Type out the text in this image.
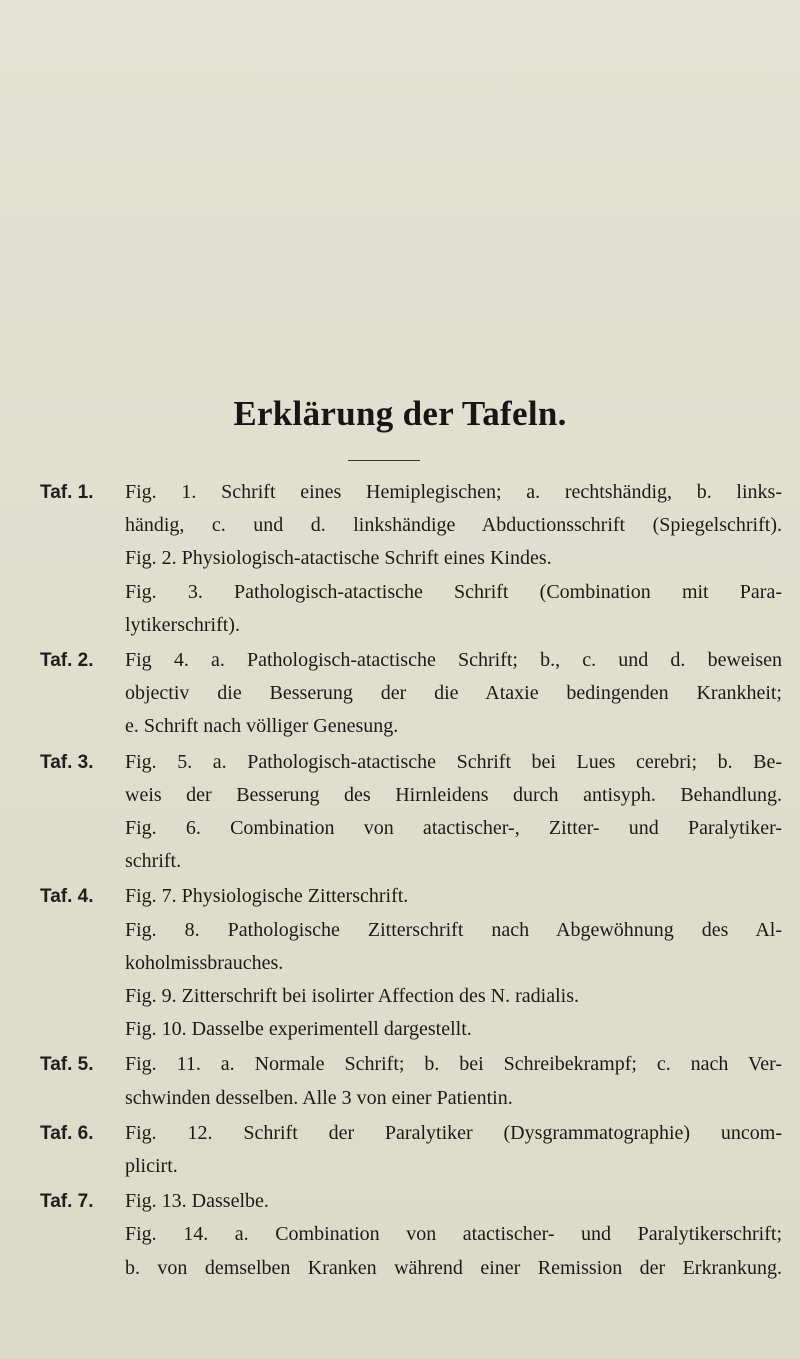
Erklärung der Tafeln.
Taf. 1.	Fig. 1. Schrift eines Hemiplegischen; a. rechtshändig, b. links-
händig, c. und d. linkshändige Abductionsschrift (Spiegelschrift).
Fig. 2. Physiologisch-atactische Schrift eines Kindes.
Fig. 3. Pathologisch-atactische Schrift (Combination mit Para-
lytikerschrift).
Taf. 2.	Fig 4. a. Pathologisch-atactische Schrift; b., c. und d. beweisen
objectiv die Besserung der die Ataxie bedingenden Krankheit;
e. Schrift nach völliger Genesung.
Taf. 3.	Fig. 5. a. Pathologisch-atactische Schrift bei Lues cerebri; b. Be-
weis der Besserung des Hirnleidens durch antisyph. Behandlung.
Fig. 6. Combination von atactischer-, Zitter- und Paralytiker-
schrift.
Taf. 4.	Fig. 7. Physiologische Zitterschrift.
Fig. 8. Pathologische Zitterschrift nach Abgewöhnung des Al-
koholmissbrauches.
Fig. 9. Zitterschrift bei isolirter Affection des N. radialis.
Fig. 10. Dasselbe experimentell dargestellt.
Taf. 5.	Fig. 11. a. Normale Schrift; b. bei Schreibekrampf; c. nach Ver-
schwinden desselben. Alle 3 von einer Patientin.
Taf. 6.	Fig. 12. Schrift der Paralytiker (Dysgrammatographie) uncom-
plicirt.
Taf. 7.	Fig. 13. Dasselbe.
Fig. 14. a. Combination von atactischer- und Paralytikerschrift;
b. von demselben Kranken während einer Remission der Erkrankung.
